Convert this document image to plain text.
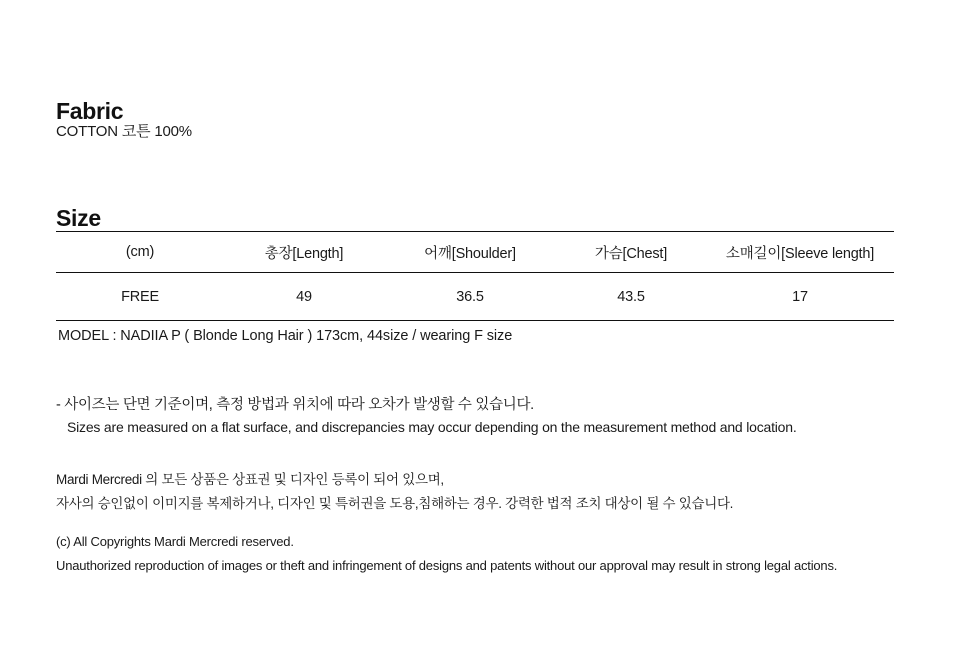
Fabric
COTTON 코튼 100%
Size
(cm)	총장[Length]	어깨[Shoulder]	가슴[Chest]	소매길이[Sleeve length]
FREE	49	36.5	43.5	17
MODEL : NADIIA P ( Blonde Long Hair ) 173cm, 44size / wearing F size
- 사이즈는 단면 기준이며, 측정 방법과 위치에 따라 오차가 발생할 수 있습니다.
Sizes are measured on a flat surface, and discrepancies may occur depending on the measurement method and location.
Mardi Mercredi 의 모든 상품은 상표권 및 디자인 등록이 되어 있으며,
자사의 승인없이 이미지를 복제하거나, 디자인 및 특허권을 도용,침해하는 경우. 강력한 법적 조치 대상이 될 수 있습니다.
(c) All Copyrights Mardi Mercredi reserved.
Unauthorized reproduction of images or theft and infringement of designs and patents without our approval may result in strong legal actions.
